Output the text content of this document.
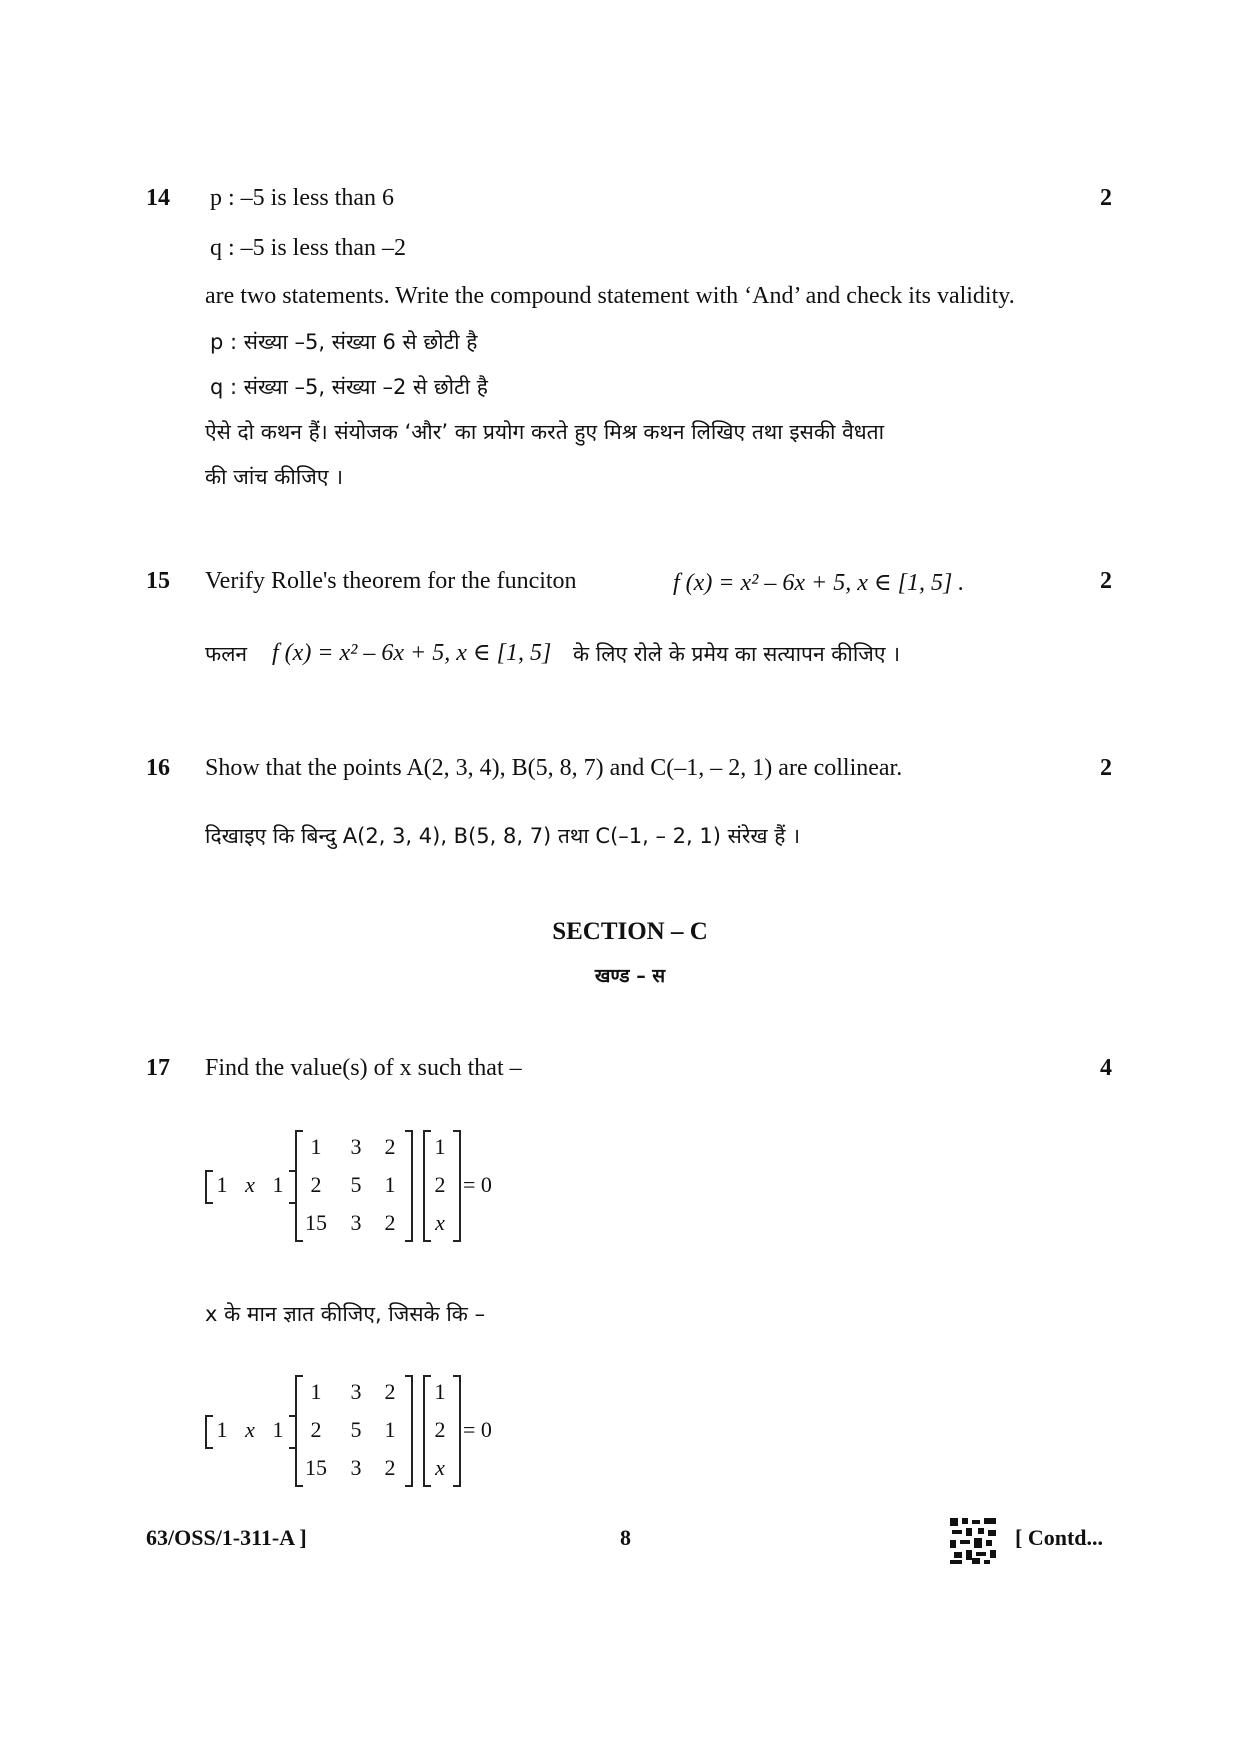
14 p : –5 is less than 6	2
q : –5 is less than –2
are two statements. Write the compound statement with ‘And’ and check its validity.
p : संख्या –5, संख्या 6 से छोटी है
q : संख्या –5, संख्या –2 से छोटी है
ऐसे दो कथन हैं। संयोजक ‘और’ का प्रयोग करते हुए मिश्र कथन लिखिए तथा इसकी वैधता
की जांच कीजिए ।
15 Verify Rolle's theorem for the funciton	f (x) = x² – 6x + 5, x ∈ [1, 5] .	2
फलन f (x) = x² – 6x + 5, x ∈ [1, 5] के लिए रोले के प्रमेय का सत्यापन कीजिए ।
16 Show that the points A(2, 3, 4), B(5, 8, 7) and C(–1, – 2, 1) are collinear.	2
दिखाइए कि बिन्दु A(2, 3, 4), B(5, 8, 7) तथा C(–1, – 2, 1) संरेख हैं ।
SECTION – C
खण्ड – स
17 Find the value(s) of x such that –	4
1 x 1
1	3	2
2	5	1
15	3	2
1
2
x
= 0
x के मान ज्ञात कीजिए, जिसके कि –
1 x 1
1	3	2
2	5	1
15	3	2
1
2
x
= 0
63/OSS/1-311-A ]	8	[ Contd...
